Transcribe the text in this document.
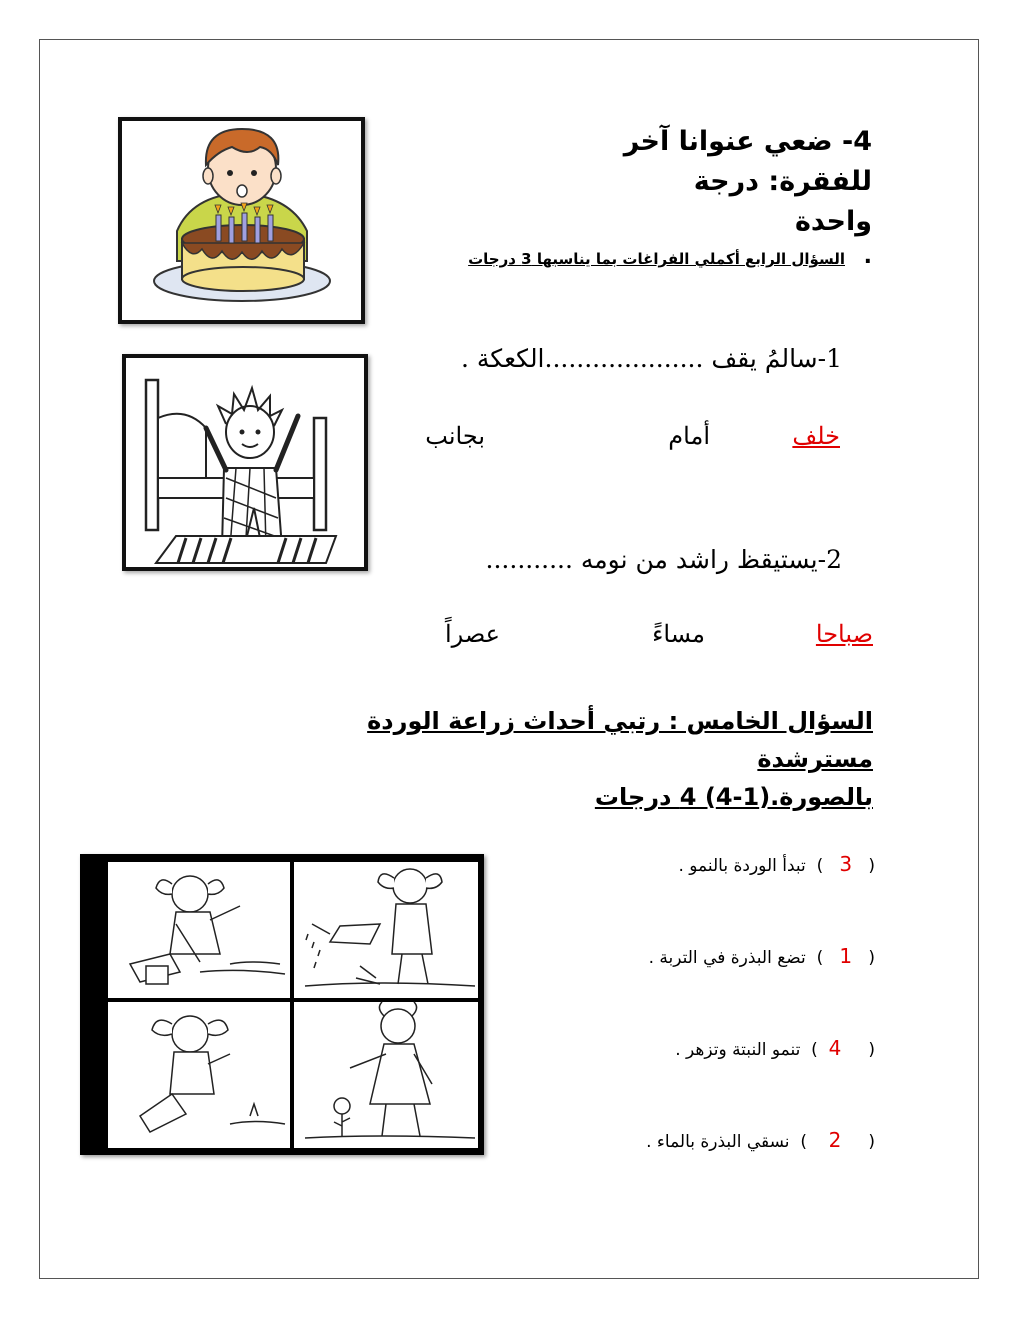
4- ضعي عنوانا آخر للفقرة: درجة
واحدة
.
السؤال الرابع أكملي الفراغات بما يناسبها 3 درجات
1-سالمُ يقف ....................الكعكة .
خلف
أمام
بجانب
2-يستيقظ راشد من نومه ...........
صباحا
مساءً
عصراً
السؤال الخامس : رتبي أحداث زراعة الوردة مسترشدة
بالصورة.(1-4) 4 درجات
(   3   )  تبدأ الوردة بالنمو .
(   1   )  تضع البذرة في التربة .
(     4  )  تنمو النبتة وتزهر .
(     2    )  نسقي البذرة بالماء .
